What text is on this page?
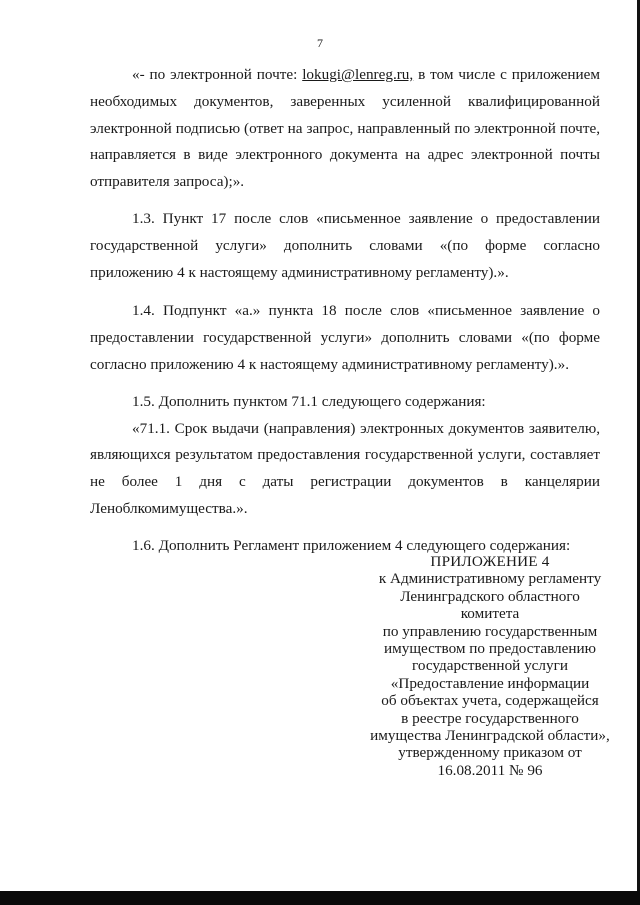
7

«- по электронной почте: lokugi@lenreg.ru, в том числе с приложением необходимых документов, заверенных усиленной квалифицированной электронной подписью (ответ на запрос, направленный по электронной почте, направляется в виде электронного документа на адрес электронной почты отправителя запроса);».

1.3. Пункт 17 после слов «письменное заявление о предоставлении государственной услуги» дополнить словами «(по форме согласно приложению 4 к настоящему административному регламенту).».

1.4. Подпункт «а.» пункта 18 после слов «письменное заявление о предоставлении государственной услуги» дополнить словами «(по форме согласно приложению 4 к настоящему административному регламенту).».

1.5. Дополнить пунктом 71.1 следующего содержания:

«71.1. Срок выдачи (направления) электронных документов заявителю, являющихся результатом предоставления государственной услуги, составляет не более 1 дня с даты регистрации документов в канцелярии

Леноблкомимущества.».

1.6. Дополнить Регламент приложением 4 следующего содержания:

ПРИЛОЖЕНИЕ 4
к Административному регламенту
Ленинградского областного
комитета
по управлению государственным
имуществом по предоставлению
государственной услуги
«Предоставление информации
об объектах учета, содержащейся
в реестре государственного
имущества Ленинградской области»,
утвержденному приказом от
16.08.2011 № 96
